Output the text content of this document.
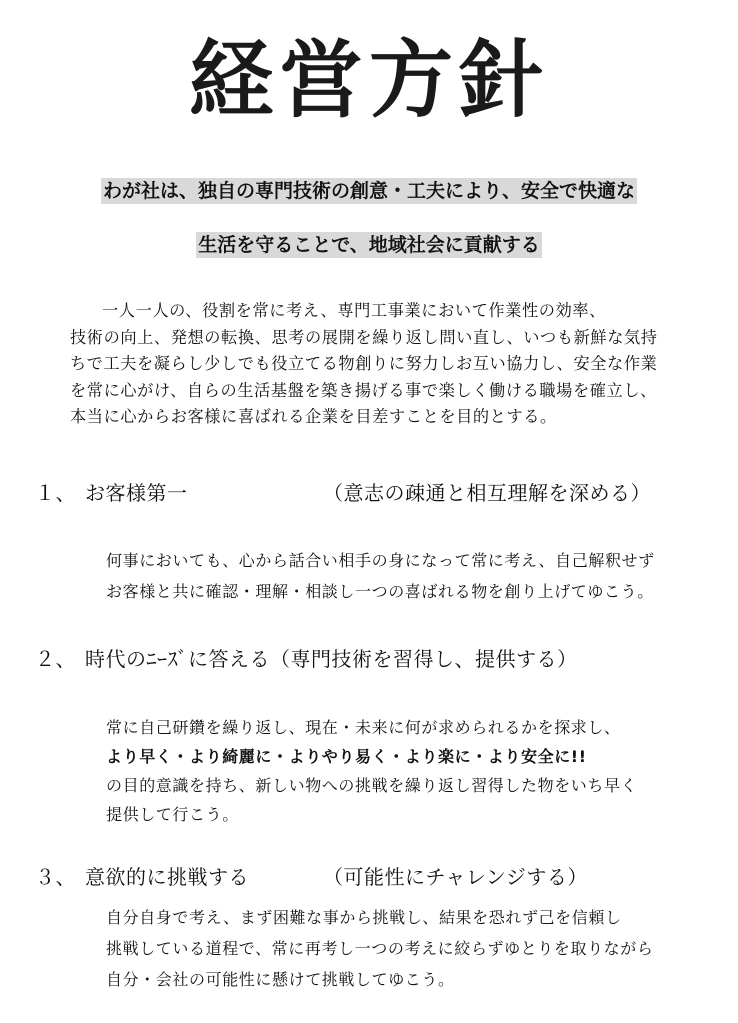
経営方針
わが社は、独自の専門技術の創意・工夫により、安全で快適な
生活を守ることで、地域社会に貢献する

一人一人の、役割を常に考え、専門工事業において作業性の効率、

技術の向上、発想の転換、思考の展開を繰り返し問い直し、いつも新鮮な気持

ちで工夫を凝らし少しでも役立てる物創りに努力しお互い協力し、安全な作業

を常に心がけ、自らの生活基盤を築き揚げる事で楽しく働ける職場を確立し、

本当に心からお客様に喜ばれる企業を目差すことを目的とする。

１、 お客様第一	（意志の疎通と相互理解を深める）

何事においても、心から話合い相手の身になって常に考え、自己解釈せず

お客様と共に確認・理解・相談し一つの喜ばれる物を創り上げてゆこう。

２、 時代のﾆｰｽﾞに答える（専門技術を習得し、提供する）

常に自己研鑽を繰り返し、現在・未来に何が求められるかを探求し、

より早く・より綺麗に・よりやり易く・より楽に・より安全に!!

の目的意識を持ち、新しい物への挑戦を繰り返し習得した物をいち早く

提供して行こう。

３、 意欲的に挑戦する	（可能性にチャレンジする）

自分自身で考え、まず困難な事から挑戦し、結果を恐れず己を信頼し

挑戦している道程で、常に再考し一つの考えに絞らずゆとりを取りながら

自分・会社の可能性に懸けて挑戦してゆこう。
